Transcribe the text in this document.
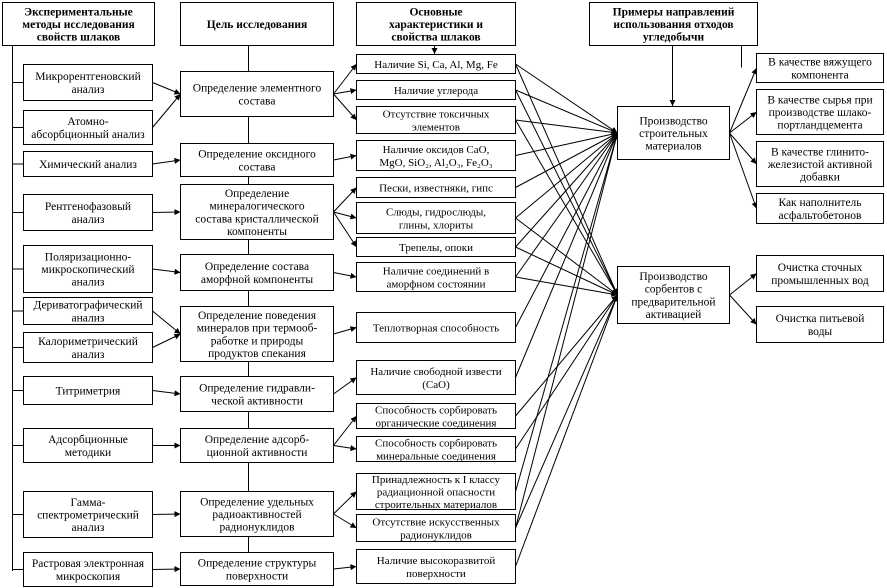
Экспериментальные
методы исследования
свойств шлаков
Цель исследования
Основные
характеристики и
свойства шлаков
Примеры направлений
использования отходов
угледобычи
Микрорентгеновский
анализ
Атомно-
абсорбционный анализ
Химический анализ
Рентгенофазовый
анализ
Поляризационно-
микроскопический
анализ
Дериватографический
анализ
Калориметрический
анализ
Титриметрия
Адсорбционные
методики
Гамма-
спектрометрический
анализ
Растровая электронная
микроскопия
Определение элементного
состава
Определение оксидного
состава
Определение
минералогического
состава кристаллической
компоненты
Определение состава
аморфной компоненты
Определение поведения
минералов при термооб-
работке и природы
продуктов спекания
Определение гидравли-
ческой активности
Определение адсорб-
ционной активности
Определение удельных
радиоактивностей
радионуклидов
Определение структуры
поверхности
Наличие Si, Ca, Al, Mg, Fe
Наличие углерода
Отсутствие токсичных
элементов
Наличие оксидов CaO,
MgO, SiO₂, Al₂O₃, Fe₂O₃
Пески, известняки, гипс
Слюды, гидрослюды,
глины, хлориты
Трепелы, опоки
Наличие соединений в
аморфном состоянии
Теплотворная способность
Наличие свободной извести
(CaO)
Способность сорбировать
органические соединения
Способность сорбировать
минеральные соединения
Принадлежность к I классу
радиационной опасности
строительных материалов
Отсутствие искусственных
радионуклидов
Наличие высокоразвитой
поверхности
Производство
строительных
материалов
Производство
сорбентов с
предварительной
активацией
В качестве вяжущего
компонента
В качестве сырья при
производстве шлако-
портландцемента
В качестве глинито-
железистой активной
добавки
Как наполнитель
асфальтобетонов
Очистка сточных
промышленных вод
Очистка питьевой
воды
